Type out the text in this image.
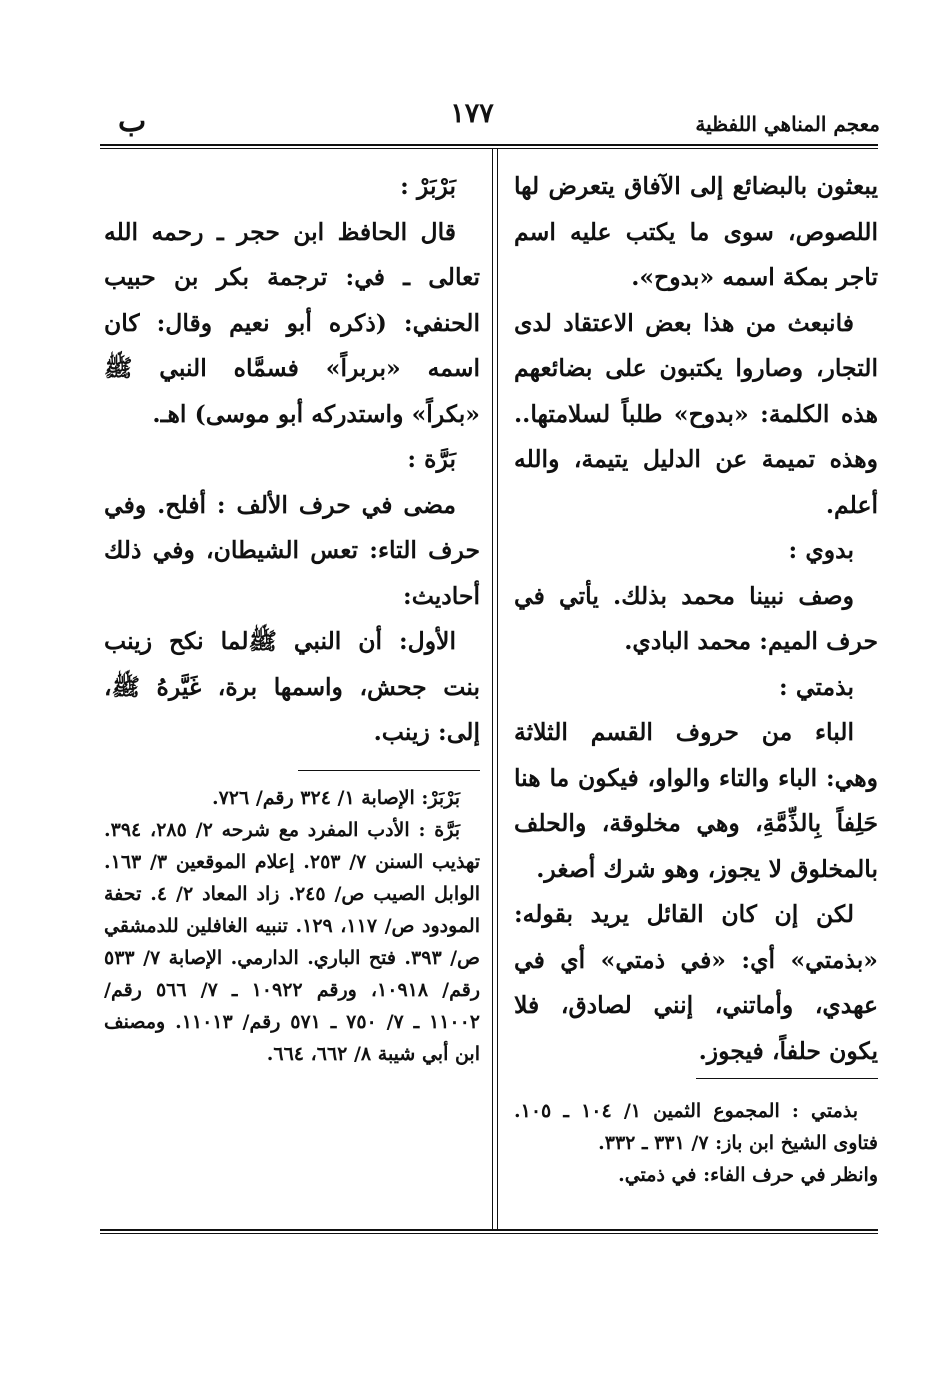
معجم المناهي اللفظية
١٧٧
ب

يبعثون بالبضائع إلى الآفاق يتعرض لها اللصوص، سوى ما يكتب عليه اسم تاجر بمكة اسمه «بدوح».

فانبعث من هذا بعض الاعتقاد لدى التجار، وصاروا يكتبون على بضائعهم هذه الكلمة: «بدوح» طلباً لسلامتها.. وهذه تميمة عن الدليل يتيمة، والله أعلم.

بدوي :

وصف نبينا محمد بذلك. يأتي في حرف الميم: محمد البادي.

بذمتي :

الباء من حروف القسم الثلاثة وهي: الباء والتاء والواو، فيكون ما هنا حَلِفاً بِالذِّمَّةِ، وهي مخلوقة، والحلف بالمخلوق لا يجوز، وهو شرك أصغر.

لكن إن كان القائل يريد بقوله: «بذمتي» أي: «في ذمتي» أي في عهدي، وأماتني، إنني لصادق، فلا يكون حلفاً، فيجوز.

بذمتي : المجموع الثمين ١/ ١٠٤ ـ ١٠٥. فتاوى الشيخ ابن باز: ٧/ ٣٣١ ـ ٣٣٢.

وانظر في حرف الفاء: في ذمتي.

بَرْبَرْ :

قال الحافظ ابن حجر ـ رحمه الله تعالى ـ في: ترجمة بكر بن حبيب الحنفي: (ذكره أبو نعيم وقال: كان اسمه «بربراً» فسمَّاه النبي ﷺ «بكراً» واستدركه أبو موسى) اهـ.

بَرَّة :

مضى في حرف الألف : أفلح. وفي حرف التاء: تعس الشيطان، وفي ذلك أحاديث:

الأول: أن النبي ﷺلما نكح زينب بنت جحش، واسمها برة، غَيَّرهُ ﷺ، إلى: زينب.

بَرْبَرْ: الإصابة ١/ ٣٢٤ رقم/ ٧٢٦.

بَرَّة : الأدب المفرد مع شرحه ٢/ ٢٨٥، ٣٩٤. تهذيب السنن ٧/ ٢٥٣. إعلام الموقعين ٣/ ١٦٣. الوابل الصيب ص/ ٢٤٥. زاد المعاد ٢/ ٤. تحفة المودود ص/ ١١٧، ١٢٩. تنبيه الغافلين للدمشقي ص/ ٣٩٣. فتح الباري. الدارمي. الإصابة ٧/ ٥٣٣ رقم/ ١٠٩١٨، ورقم ١٠٩٢٢ ـ ٧/ ٥٦٦ رقم/ ١١٠٠٢ ـ ٧/ ٧٥٠ ـ ٥٧١ رقم/ ١١٠١٣. ومصنف ابن أبي شيبة ٨/ ٦٦٢، ٦٦٤.
